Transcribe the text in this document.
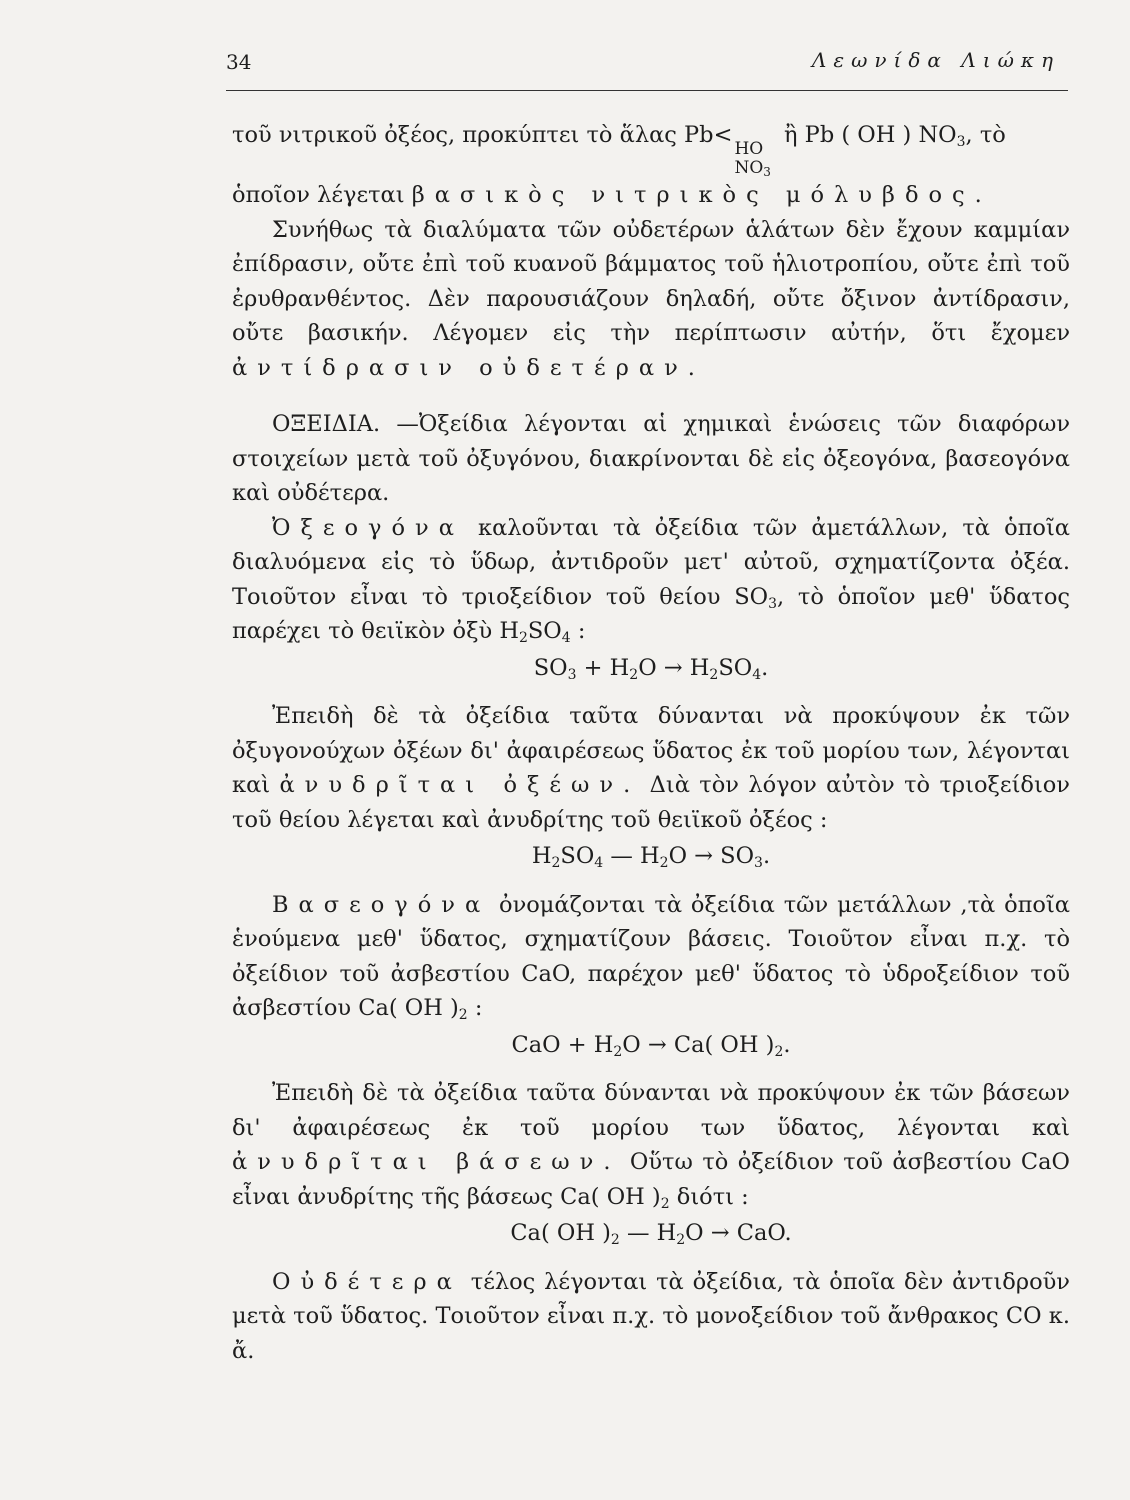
34	Λεωνίδα Λιώκη

τοῦ νιτρικοῦ ὀξέος, προκύπτει τὸ ἅλας Pb<
HO
$NO_3$
ἢ Pb ( OH ) $NO_3$, τὸ
ὁποῖον λέγεται βασικὸς νιτρικὸς μόλυβδος.

Συνήθως τὰ διαλύματα τῶν οὐδετέρων ἁλάτων δὲν ἔχουν καμμίαν ἐπίδρασιν, οὔτε ἐπὶ τοῦ κυανοῦ βάμματος τοῦ ἡλιοτροπίου, οὔτε ἐπὶ τοῦ ἐρυθρανθέντος. Δὲν παρουσιάζουν δηλαδή, οὔτε ὄξινον ἀντίδρασιν, οὔτε βασικήν. Λέγομεν εἰς τὴν περίπτωσιν αὐτήν, ὅτι ἔχομεν ἀντίδρασιν οὐδετέραν.

ΟΞΕΙΔΙΑ. —Ὀξείδια λέγονται αἱ χημικαὶ ἑνώσεις τῶν διαφόρων στοιχείων μετὰ τοῦ ὀξυγόνου, διακρίνονται δὲ εἰς ὀξεογόνα, βασεογόνα καὶ οὐδέτερα.

Ὀξεογόνα καλοῦνται τὰ ὀξείδια τῶν ἀμετάλλων, τὰ ὁποῖα διαλυόμενα εἰς τὸ ὕδωρ, ἀντιδροῦν μετ' αὐτοῦ, σχηματίζοντα ὀξέα. Τοιοῦτον εἶναι τὸ τριοξείδιον τοῦ θείου $SO_3$, τὸ ὁποῖον μεθ' ὕδατος παρέχει τὸ θειϊκὸν ὀξὺ $H_2SO_4$ :

$SO_3 + H_2O \to H_2SO_4$.

Ἐπειδὴ δὲ τὰ ὀξείδια ταῦτα δύνανται νὰ προκύψουν ἐκ τῶν ὀξυγονούχων ὀξέων δι' ἀφαιρέσεως ὕδατος ἐκ τοῦ μορίου των, λέγονται καὶ ἀνυδρῖται ὀξέων. Διὰ τὸν λόγον αὐτὸν τὸ τριοξείδιον τοῦ θείου λέγεται καὶ ἀνυδρίτης τοῦ θειϊκοῦ ὀξέος :

$H_2SO_4$ — $H_2O \to SO_3$.

Βασεογόνα ὀνομάζονται τὰ ὀξείδια τῶν μετάλλων ,τὰ ὁποῖα ἑνούμενα μεθ' ὕδατος, σχηματίζουν βάσεις. Τοιοῦτον εἶναι π.χ. τὸ ὀξείδιον τοῦ ἀσβεστίου CaO, παρέχον μεθ' ὕδατος τὸ ὑδροξείδιον τοῦ ἀσβεστίου Ca( OH )$_2$ :

CaO + $H_2O \to Ca$( OH )$_2$.

Ἐπειδὴ δὲ τὰ ὀξείδια ταῦτα δύνανται νὰ προκύψουν ἐκ τῶν βάσεων δι' ἀφαιρέσεως ἐκ τοῦ μορίου των ὕδατος, λέγονται καὶ ἀνυδρῖται βάσεων. Οὕτω τὸ ὀξείδιον τοῦ ἀσβεστίου CaO εἶναι ἀνυδρίτης τῆς βάσεως Ca( OH )$_2$ διότι :

Ca( OH )$_2$ — $H_2O$ → CaO.

Οὐδέτερα τέλος λέγονται τὰ ὀξείδια, τὰ ὁποῖα δὲν ἀντιδροῦν μετὰ τοῦ ὕδατος. Τοιοῦτον εἶναι π.χ. τὸ μονοξείδιον τοῦ ἄνθρακος CO κ. ἄ.
